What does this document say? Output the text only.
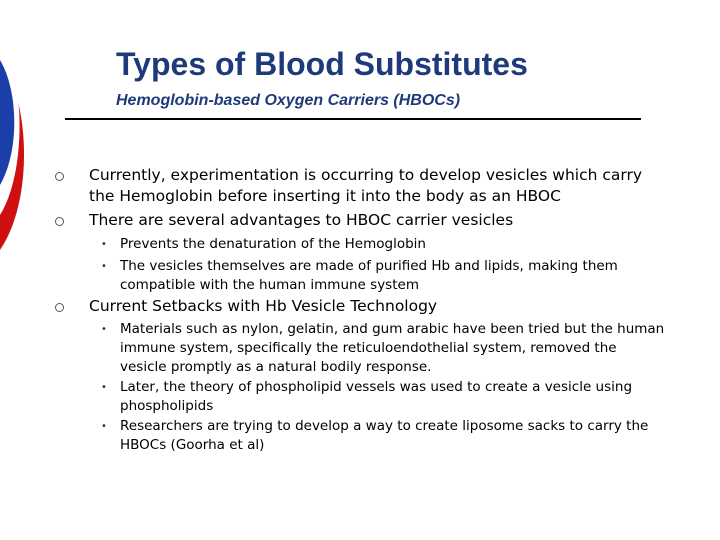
Types of Blood Substitutes
Hemoglobin-based Oxygen Carriers (HBOCs)
Currently, experimentation is occurring to develop vesicles which carry the Hemoglobin before inserting it into the body as an HBOC
There are several advantages to HBOC carrier vesicles
• Prevents the denaturation of the Hemoglobin
• The vesicles themselves are made of purified Hb and lipids, making them compatible with the human immune system
Current Setbacks with Hb Vesicle Technology
• Materials such as nylon, gelatin, and gum arabic have been tried but the human immune system, specifically the reticuloendothelial system, removed the vesicle promptly as a natural bodily response.
• Later, the theory of phospholipid vessels was used to create a vesicle using phospholipids
• Researchers are trying to develop a way to create liposome sacks to carry the HBOCs (Goorha et al)
